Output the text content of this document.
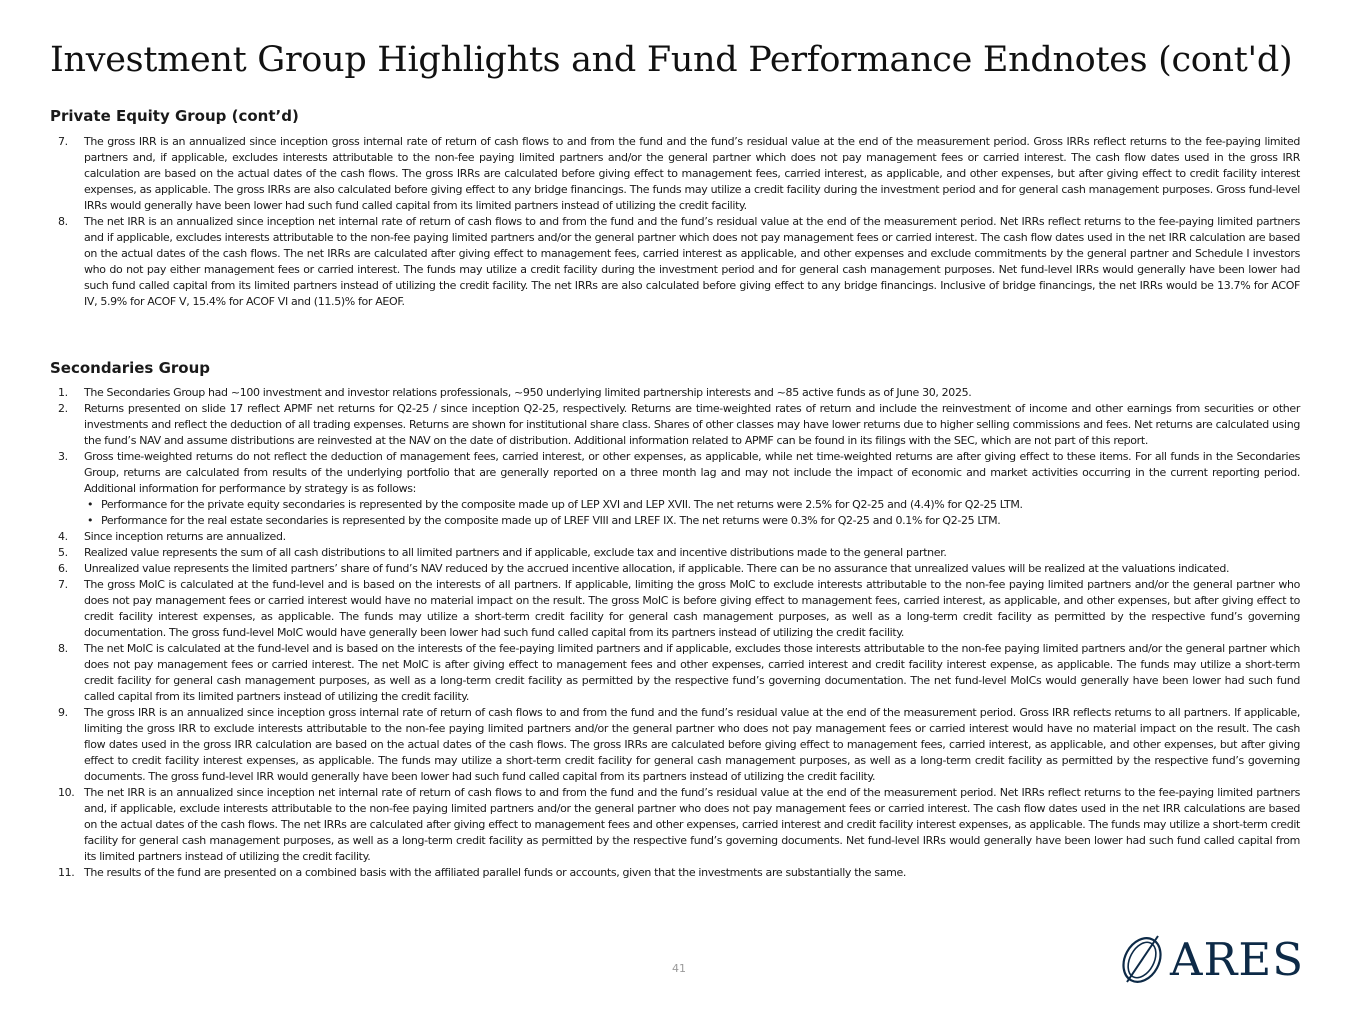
Investment Group Highlights and Fund Performance Endnotes (cont'd)
Private Equity Group (cont’d)
7. The gross IRR is an annualized since inception gross internal rate of return of cash flows to and from the fund and the fund’s residual value at the end of the measurement period. Gross IRRs reflect returns to the fee-paying limited partners and, if applicable, excludes interests attributable to the non-fee paying limited partners and/or the general partner which does not pay management fees or carried interest. The cash flow dates used in the gross IRR calculation are based on the actual dates of the cash flows. The gross IRRs are calculated before giving effect to management fees, carried interest, as applicable, and other expenses, but after giving effect to credit facility interest expenses, as applicable. The gross IRRs are also calculated before giving effect to any bridge financings. The funds may utilize a credit facility during the investment period and for general cash management purposes. Gross fund-level IRRs would generally have been lower had such fund called capital from its limited partners instead of utilizing the credit facility.
8. The net IRR is an annualized since inception net internal rate of return of cash flows to and from the fund and the fund’s residual value at the end of the measurement period. Net IRRs reflect returns to the fee-paying limited partners and if applicable, excludes interests attributable to the non-fee paying limited partners and/or the general partner which does not pay management fees or carried interest. The cash flow dates used in the net IRR calculation are based on the actual dates of the cash flows. The net IRRs are calculated after giving effect to management fees, carried interest as applicable, and other expenses and exclude commitments by the general partner and Schedule I investors who do not pay either management fees or carried interest. The funds may utilize a credit facility during the investment period and for general cash management purposes. Net fund-level IRRs would generally have been lower had such fund called capital from its limited partners instead of utilizing the credit facility. The net IRRs are also calculated before giving effect to any bridge financings. Inclusive of bridge financings, the net IRRs would be 13.7% for ACOF IV, 5.9% for ACOF V, 15.4% for ACOF VI and (11.5)% for AEOF.
Secondaries Group
1. The Secondaries Group had ~100 investment and investor relations professionals, ~950 underlying limited partnership interests and ~85 active funds as of June 30, 2025.
2. Returns presented on slide 17 reflect APMF net returns for Q2-25 / since inception Q2-25, respectively. Returns are time-weighted rates of return and include the reinvestment of income and other earnings from securities or other investments and reflect the deduction of all trading expenses. Returns are shown for institutional share class. Shares of other classes may have lower returns due to higher selling commissions and fees. Net returns are calculated using the fund’s NAV and assume distributions are reinvested at the NAV on the date of distribution. Additional information related to APMF can be found in its filings with the SEC, which are not part of this report.
3. Gross time-weighted returns do not reflect the deduction of management fees, carried interest, or other expenses, as applicable, while net time-weighted returns are after giving effect to these items. For all funds in the Secondaries Group, returns are calculated from results of the underlying portfolio that are generally reported on a three month lag and may not include the impact of economic and market activities occurring in the current reporting period. Additional information for performance by strategy is as follows:
• Performance for the private equity secondaries is represented by the composite made up of LEP XVI and LEP XVII. The net returns were 2.5% for Q2-25 and (4.4)% for Q2-25 LTM.
• Performance for the real estate secondaries is represented by the composite made up of LREF VIII and LREF IX. The net returns were 0.3% for Q2-25 and 0.1% for Q2-25 LTM.
4. Since inception returns are annualized.
5. Realized value represents the sum of all cash distributions to all limited partners and if applicable, exclude tax and incentive distributions made to the general partner.
6. Unrealized value represents the limited partners’ share of fund’s NAV reduced by the accrued incentive allocation, if applicable. There can be no assurance that unrealized values will be realized at the valuations indicated.
7. The gross MoIC is calculated at the fund-level and is based on the interests of all partners. If applicable, limiting the gross MoIC to exclude interests attributable to the non-fee paying limited partners and/or the general partner who does not pay management fees or carried interest would have no material impact on the result. The gross MoIC is before giving effect to management fees, carried interest, as applicable, and other expenses, but after giving effect to credit facility interest expenses, as applicable. The funds may utilize a short-term credit facility for general cash management purposes, as well as a long-term credit facility as permitted by the respective fund’s governing documentation. The gross fund-level MoIC would have generally been lower had such fund called capital from its partners instead of utilizing the credit facility.
8. The net MoIC is calculated at the fund-level and is based on the interests of the fee-paying limited partners and if applicable, excludes those interests attributable to the non-fee paying limited partners and/or the general partner which does not pay management fees or carried interest. The net MoIC is after giving effect to management fees and other expenses, carried interest and credit facility interest expense, as applicable. The funds may utilize a short-term credit facility for general cash management purposes, as well as a long-term credit facility as permitted by the respective fund’s governing documentation. The net fund-level MoICs would generally have been lower had such fund called capital from its limited partners instead of utilizing the credit facility.
9. The gross IRR is an annualized since inception gross internal rate of return of cash flows to and from the fund and the fund’s residual value at the end of the measurement period. Gross IRR reflects returns to all partners. If applicable, limiting the gross IRR to exclude interests attributable to the non-fee paying limited partners and/or the general partner who does not pay management fees or carried interest would have no material impact on the result. The cash flow dates used in the gross IRR calculation are based on the actual dates of the cash flows. The gross IRRs are calculated before giving effect to management fees, carried interest, as applicable, and other expenses, but after giving effect to credit facility interest expenses, as applicable. The funds may utilize a short-term credit facility for general cash management purposes, as well as a long-term credit facility as permitted by the respective fund’s governing documents. The gross fund-level IRR would generally have been lower had such fund called capital from its partners instead of utilizing the credit facility.
10. The net IRR is an annualized since inception net internal rate of return of cash flows to and from the fund and the fund’s residual value at the end of the measurement period. Net IRRs reflect returns to the fee-paying limited partners and, if applicable, exclude interests attributable to the non-fee paying limited partners and/or the general partner who does not pay management fees or carried interest. The cash flow dates used in the net IRR calculations are based on the actual dates of the cash flows. The net IRRs are calculated after giving effect to management fees and other expenses, carried interest and credit facility interest expenses, as applicable. The funds may utilize a short-term credit facility for general cash management purposes, as well as a long-term credit facility as permitted by the respective fund’s governing documents. Net fund-level IRRs would generally have been lower had such fund called capital from its limited partners instead of utilizing the credit facility.
11. The results of the fund are presented on a combined basis with the affiliated parallel funds or accounts, given that the investments are substantially the same.
41	ARES
